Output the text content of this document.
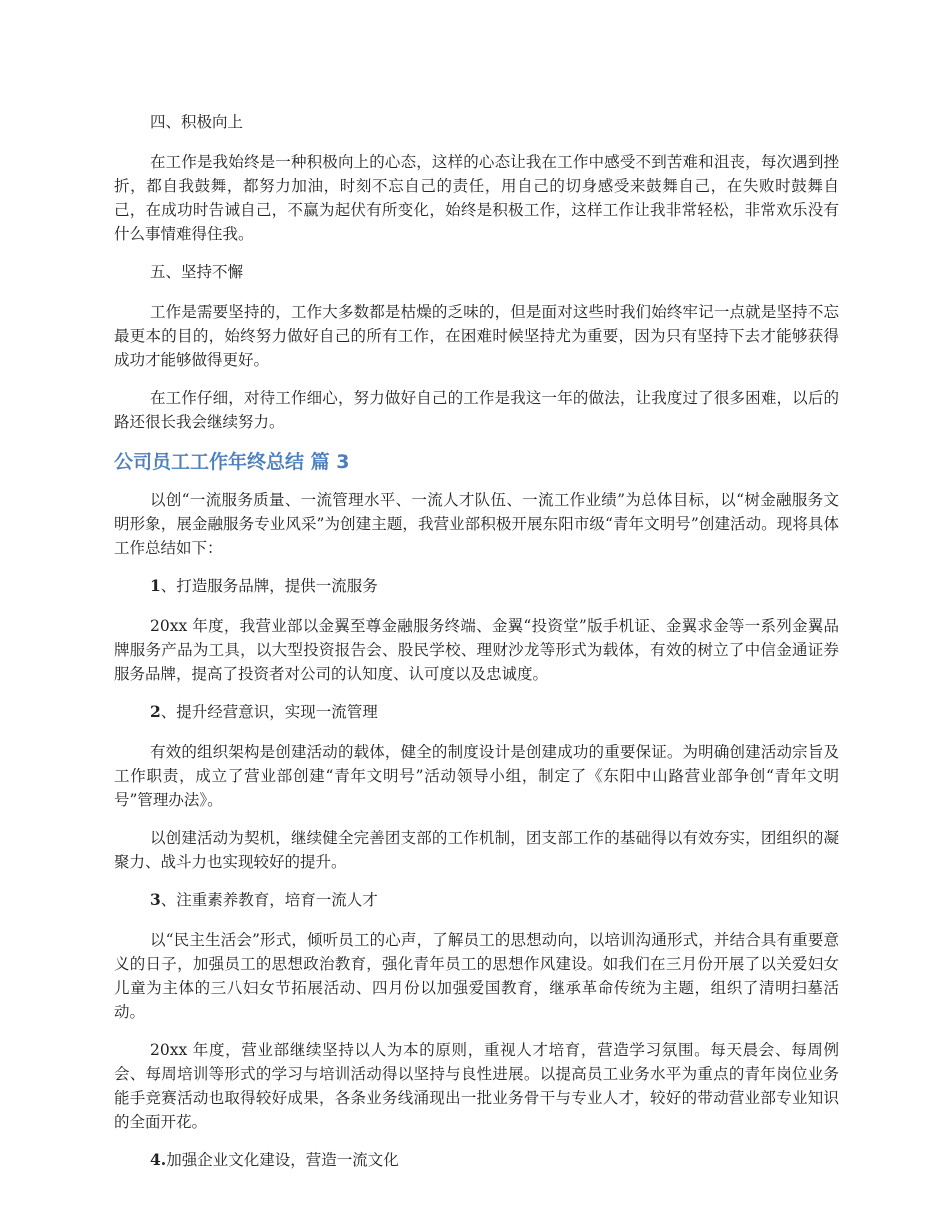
四、积极向上

在工作是我始终是一种积极向上的心态，这样的心态让我在工作中感受不到苦难和沮丧，每次遇到挫折，都自我鼓舞，都努力加油，时刻不忘自己的责任，用自己的切身感受来鼓舞自己，在失败时鼓舞自己，在成功时告诫自己，不赢为起伏有所变化，始终是积极工作，这样工作让我非常轻松，非常欢乐没有什么事情难得住我。

五、坚持不懈

工作是需要坚持的，工作大多数都是枯燥的乏味的，但是面对这些时我们始终牢记一点就是坚持不忘最更本的目的，始终努力做好自己的所有工作，在困难时候坚持尤为重要，因为只有坚持下去才能够获得成功才能够做得更好。

在工作仔细，对待工作细心，努力做好自己的工作是我这一年的做法，让我度过了很多困难，以后的路还很长我会继续努力。

公司员工工作年终总结 篇 3

以创“一流服务质量、一流管理水平、一流人才队伍、一流工作业绩”为总体目标，以“树金融服务文明形象，展金融服务专业风采”为创建主题，我营业部积极开展东阳市级“青年文明号”创建活动。现将具体工作总结如下：

1、打造服务品牌，提供一流服务

20xx 年度，我营业部以金翼至尊金融服务终端、金翼“投资堂”版手机证、金翼求金等一系列金翼品牌服务产品为工具，以大型投资报告会、股民学校、理财沙龙等形式为载体，有效的树立了中信金通证券服务品牌，提高了投资者对公司的认知度、认可度以及忠诚度。

2、提升经营意识，实现一流管理

有效的组织架构是创建活动的载体，健全的制度设计是创建成功的重要保证。为明确创建活动宗旨及工作职责，成立了营业部创建“青年文明号”活动领导小组，制定了《东阳中山路营业部争创“青年文明号”管理办法》。

以创建活动为契机，继续健全完善团支部的工作机制，团支部工作的基础得以有效夯实，团组织的凝聚力、战斗力也实现较好的提升。

3、注重素养教育，培育一流人才

以“民主生活会”形式，倾听员工的心声，了解员工的思想动向，以培训沟通形式，并结合具有重要意义的日子，加强员工的思想政治教育，强化青年员工的思想作风建设。如我们在三月份开展了以关爱妇女儿童为主体的三八妇女节拓展活动、四月份以加强爱国教育，继承革命传统为主题，组织了清明扫墓活动。

20xx 年度，营业部继续坚持以人为本的原则，重视人才培育，营造学习氛围。每天晨会、每周例会、每周培训等形式的学习与培训活动得以坚持与良性进展。以提高员工业务水平为重点的青年岗位业务能手竞赛活动也取得较好成果，各条业务线涌现出一批业务骨干与专业人才，较好的带动营业部专业知识的全面开花。

4.加强企业文化建设，营造一流文化
